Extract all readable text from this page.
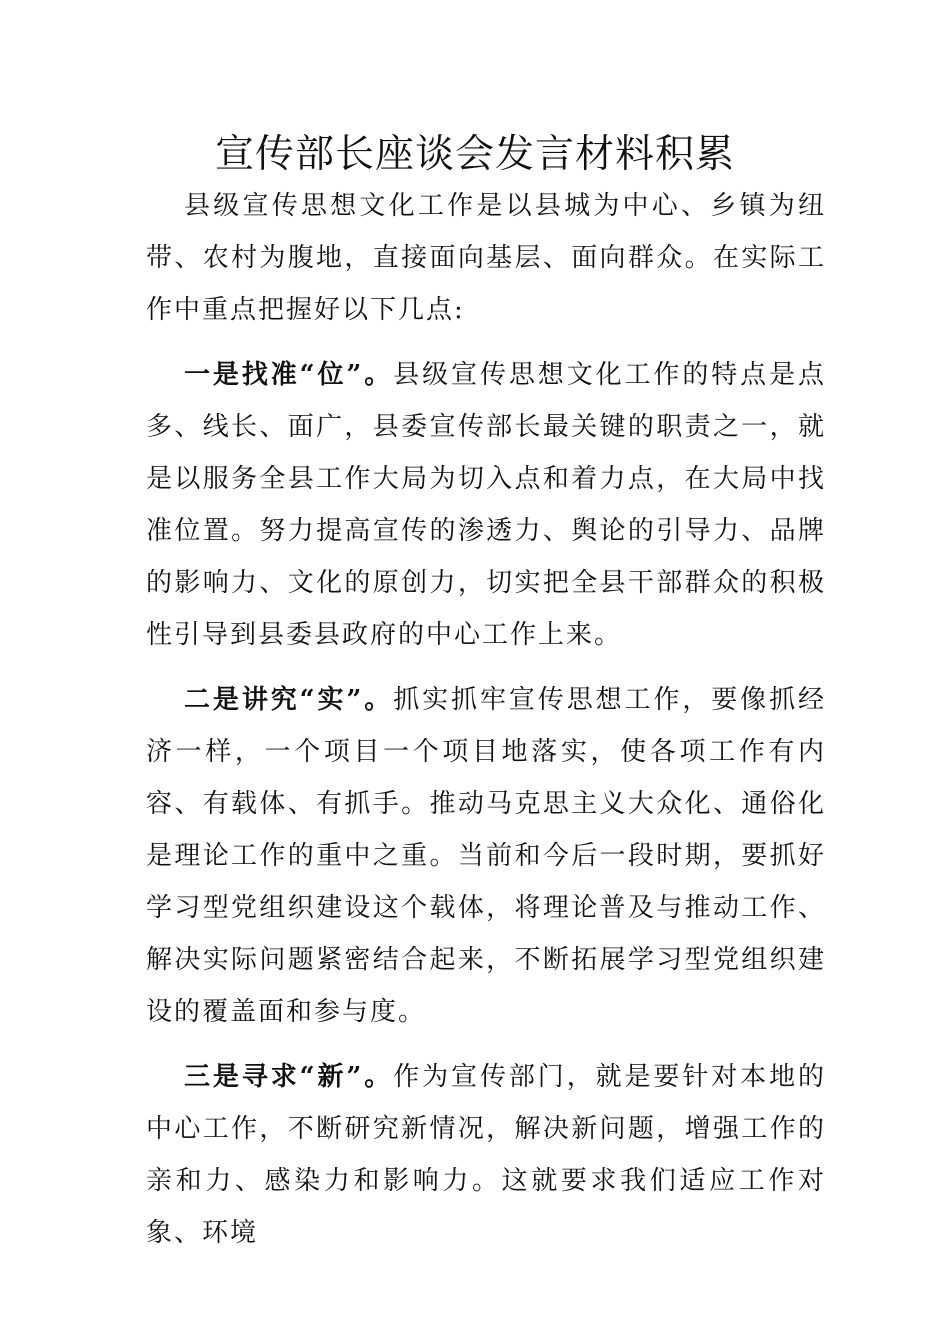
宣传部长座谈会发言材料积累

县级宣传思想文化工作是以县城为中心、乡镇为纽带、农村为腹地，直接面向基层、面向群众。在实际工作中重点把握好以下几点:

一是找准“位”。县级宣传思想文化工作的特点是点多、线长、面广，县委宣传部长最关键的职责之一，就是以服务全县工作大局为切入点和着力点，在大局中找准位置。努力提高宣传的渗透力、舆论的引导力、品牌的影响力、文化的原创力，切实把全县干部群众的积极性引导到县委县政府的中心工作上来。

二是讲究“实”。抓实抓牢宣传思想工作，要像抓经济一样，一个项目一个项目地落实，使各项工作有内容、有载体、有抓手。推动马克思主义大众化、通俗化是理论工作的重中之重。当前和今后一段时期，要抓好学习型党组织建设这个载体，将理论普及与推动工作、解决实际问题紧密结合起来，不断拓展学习型党组织建设的覆盖面和参与度。

三是寻求“新”。作为宣传部门，就是要针对本地的中心工作，不断研究新情况，解决新问题，增强工作的亲和力、感染力和影响力。这就要求我们适应工作对象、环境
